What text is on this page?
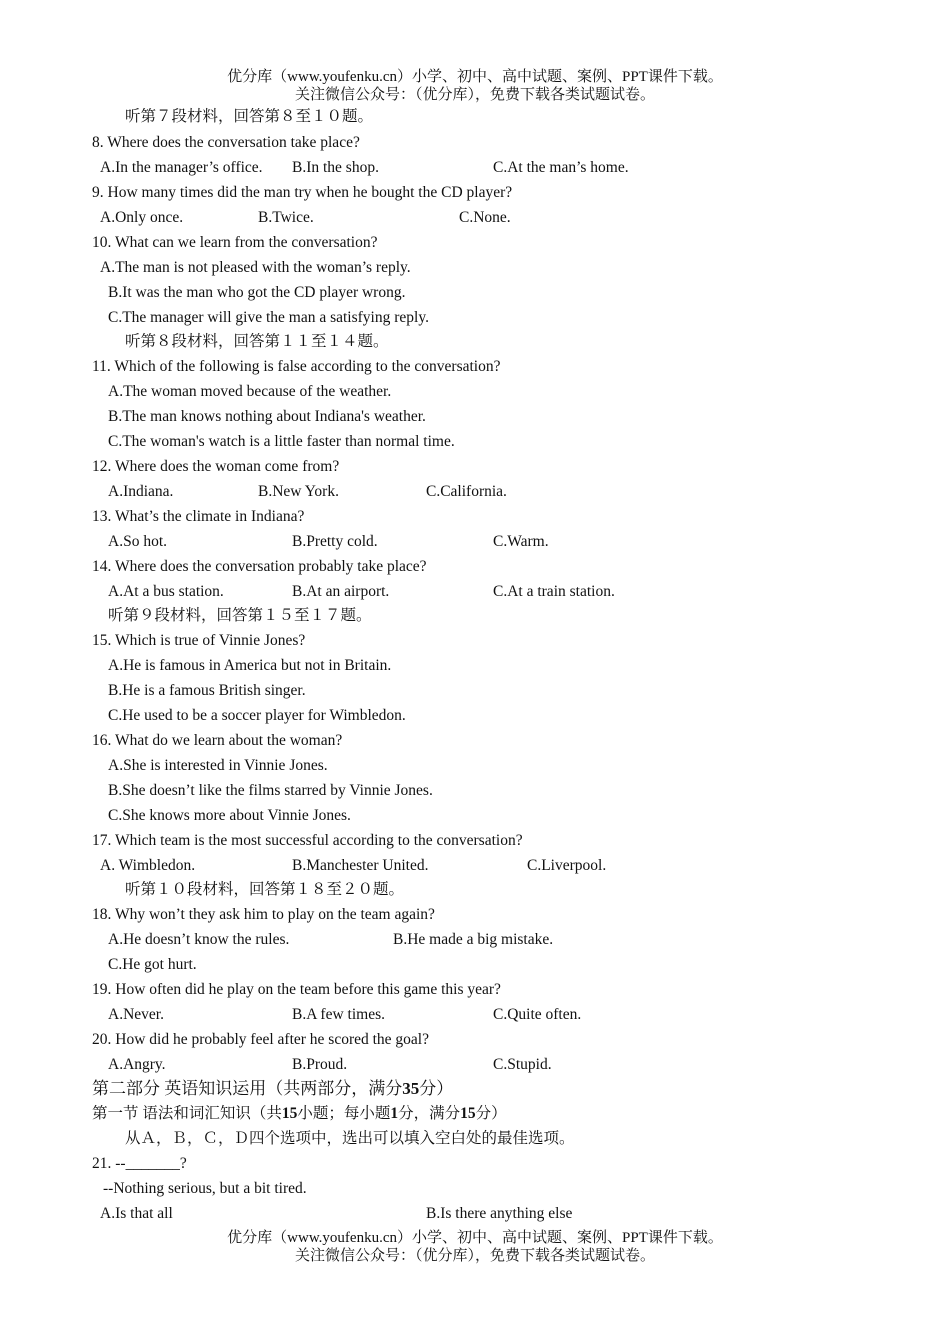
优分库（www.youfenku.cn）小学、初中、高中试题、案例、PPT课件下载。
关注微信公众号：（优分库），免费下载各类试题试卷。
听第７段材料，回答第８至１０题。
8. Where does the conversation take place?
A.In the manager’s office. B.In the shop.	C.At the man’s home.
9. How many times did the man try when he bought the CD player?
A.Only once.	B.Twice.	C.None.
10. What can we learn from the conversation?
A.The man is not pleased with the woman’s reply.
B.It was the man who got the CD player wrong.
C.The manager will give the man a satisfying reply.
听第８段材料，回答第１１至１４题。
11. Which of the following is false according to the conversation?
A.The woman moved because of the weather.
B.The man knows nothing about Indiana's weather.
C.The woman's watch is a little faster than normal time.
12. Where does the woman come from?
A.Indiana.	B.New York.	C.California.
13. What’s the climate in Indiana?
A.So hot.	B.Pretty cold.	C.Warm.
14. Where does the conversation probably take place?
A.At a bus station.	B.At an airport.	C.At a train station.
听第９段材料，回答第１５至１７题。
15. Which is true of Vinnie Jones?
A.He is famous in America but not in Britain.
B.He is a famous British singer.
C.He used to be a soccer player for Wimbledon.
16. What do we learn about the woman?
A.She is interested in Vinnie Jones.
B.She doesn’t like the films starred by Vinnie Jones.
C.She knows more about Vinnie Jones.
17. Which team is the most successful according to the conversation?
A. Wimbledon.	B.Manchester United.	C.Liverpool.
听第１０段材料，回答第１８至２０题。
18. Why won’t they ask him to play on the team again?
A.He doesn’t know the rules.	B.He made a big mistake.
C.He got hurt.
19. How often did he play on the team before this game this year?
A.Never.	B.A few times.	C.Quite often.
20. How did he probably feel after he scored the goal?
A.Angry.	B.Proud.	C.Stupid.
第二部分 英语知识运用（共两部分，满分35分）
第一节 语法和词汇知识（共15小题；每小题1分，满分15分）
从Ａ，Ｂ，Ｃ，Ｄ四个选项中，选出可以填入空白处的最佳选项。
21. --_______?
--Nothing serious, but a bit tired.
A.Is that all	B.Is there anything else
优分库（www.youfenku.cn）小学、初中、高中试题、案例、PPT课件下载。
关注微信公众号：（优分库），免费下载各类试题试卷。
